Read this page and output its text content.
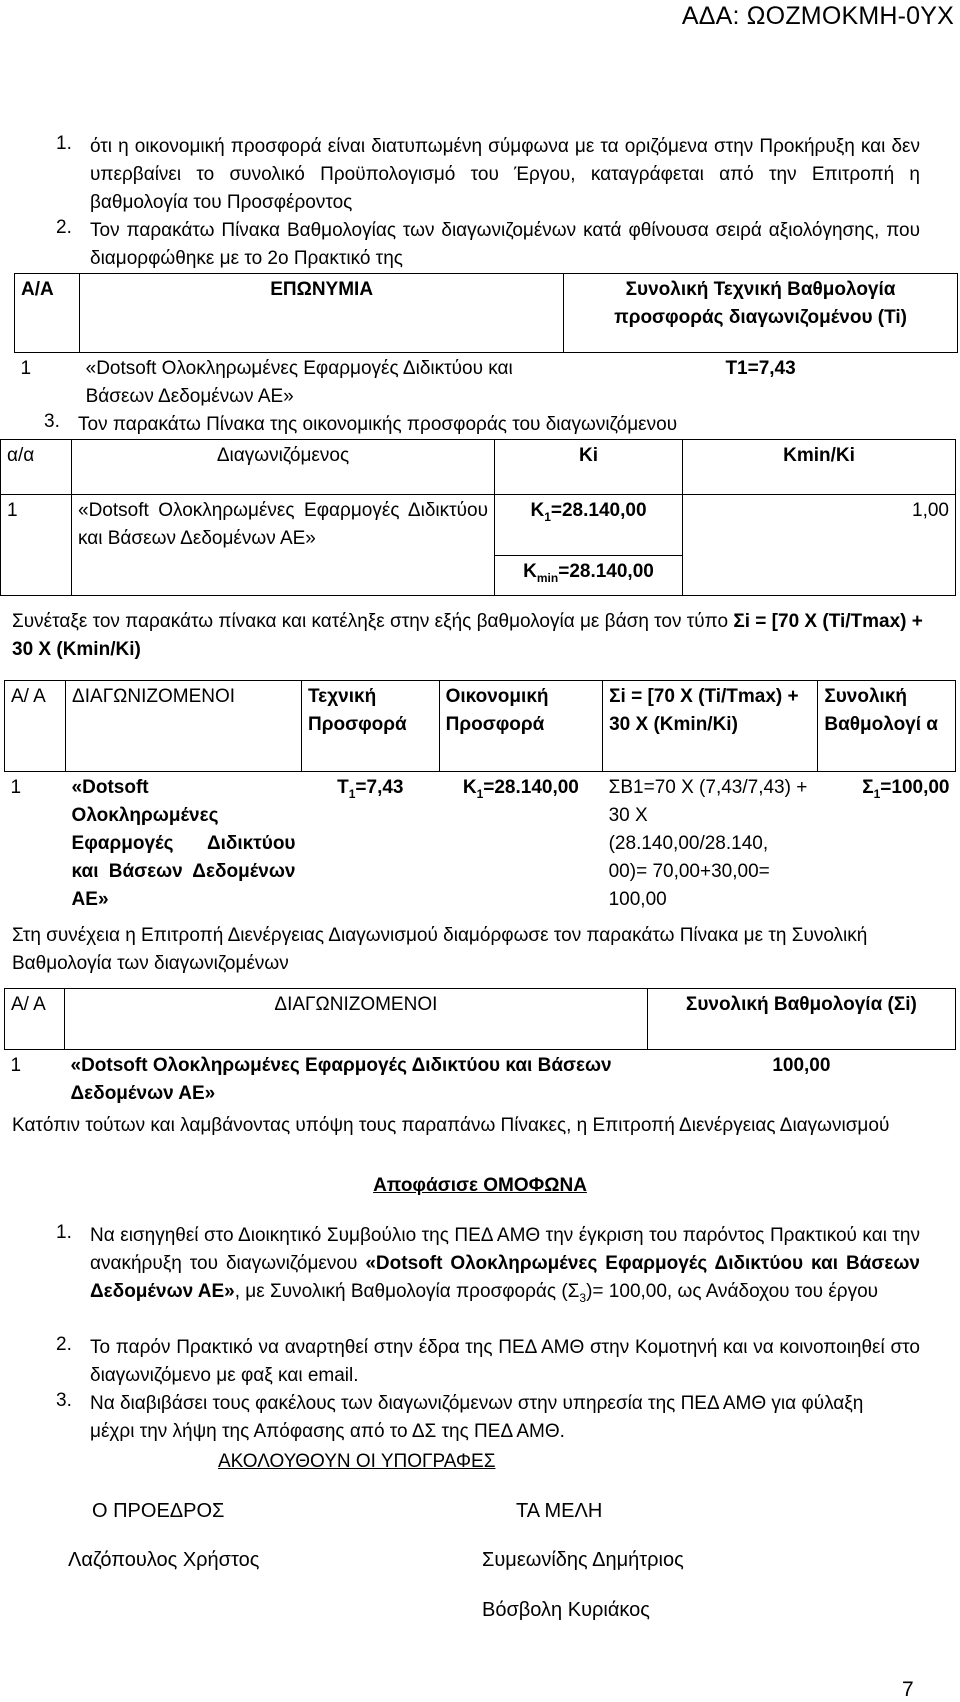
ΑΔΑ: ΩΟΖΜΟΚΜΗ-0ΥΧ
1. ότι η οικονομική προσφορά είναι διατυπωμένη σύμφωνα με τα οριζόμενα στην Προκήρυξη και δεν υπερβαίνει το συνολικό Προϋπολογισμό του Έργου, καταγράφεται από την Επιτροπή η βαθμολογία του Προσφέροντος
2. Τον παρακάτω Πίνακα Βαθμολογίας των διαγωνιζομένων κατά φθίνουσα σειρά αξιολόγησης, που διαμορφώθηκε με το 2ο Πρακτικό της
Α/Α	ΕΠΩΝΥΜΙΑ	Συνολική Τεχνική Βαθμολογία προσφοράς διαγωνιζομένου (Ti)
1	«Dotsoft Ολοκληρωμένες Εφαρμογές Διδικτύου και Βάσεων Δεδομένων ΑΕ»	T1=7,43
3. Τον παρακάτω Πίνακα της οικονομικής προσφοράς του διαγωνιζόμενου
α/α	Διαγωνιζόμενος	Ki	Kmin/Ki
1	«Dotsoft Ολοκληρωμένες Εφαρμογές Διδικτύου και Βάσεων Δεδομένων ΑΕ»	$K_1=28.140,00$	1,00
		$K_{min}=28.140,00$	
Συνέταξε τον παρακάτω πίνακα και κατέληξε στην εξής βαθμολογία με βάση τον τύπο Σi = [70 Χ (Ti/Tmax) + 30 Χ (Kmin/Ki)
Α/ Α	ΔΙΑΓΩΝΙΖΟΜΕΝΟΙ	Τεχνική Προσφορά	Οικονομική Προσφορά	Σi = [70 Χ (Ti/Tmax) + 30 Χ (Kmin/Ki)	Συνολική Βαθμολογί α
1	«Dotsoft Ολοκληρωμένες Εφαρμογές Διδικτύου και Βάσεων Δεδομένων ΑΕ»	$T_1=7,43$	$K_1=28.140,00$	ΣΒ1=70 Χ (7,43/7,43) + 30 Χ (28.140,00/28.140, 00)= 70,00+30,00= 100,00	$\Sigma_1=100,00$
Στη συνέχεια η Επιτροπή Διενέργειας Διαγωνισμού διαμόρφωσε τον παρακάτω Πίνακα με τη Συνολική Βαθμολογία των διαγωνιζομένων
Α/ Α	ΔΙΑΓΩΝΙΖΟΜΕΝΟΙ	Συνολική Βαθμολογία (Σi)
1	«Dotsoft Ολοκληρωμένες Εφαρμογές Διδικτύου και Βάσεων Δεδομένων ΑΕ»	100,00
Κατόπιν τούτων και λαμβάνοντας υπόψη τους παραπάνω Πίνακες, η Επιτροπή Διενέργειας Διαγωνισμού
Αποφάσισε ΟΜΟΦΩΝΑ
1. Να εισηγηθεί στο Διοικητικό Συμβούλιο της ΠΕΔ ΑΜΘ την έγκριση του παρόντος Πρακτικού και την ανακήρυξη του διαγωνιζόμενου «Dotsoft Ολοκληρωμένες Εφαρμογές Διδικτύου και Βάσεων Δεδομένων ΑΕ», με Συνολική Βαθμολογία προσφοράς $(\Sigma_3)= 100,00$, ως Ανάδοχου του έργου
2. Το παρόν Πρακτικό να αναρτηθεί στην έδρα της ΠΕΔ ΑΜΘ στην Κομοτηνή και να κοινοποιηθεί στο διαγωνιζόμενο με φαξ και email.
3. Να διαβιβάσει τους φακέλους των διαγωνιζόμενων στην υπηρεσία της ΠΕΔ ΑΜΘ για φύλαξη μέχρι την λήψη της Απόφασης από το ΔΣ της ΠΕΔ ΑΜΘ.
ΑΚΟΛΟΥΘΟΥΝ ΟΙ ΥΠΟΓΡΑΦΕΣ
Ο ΠΡΟΕΔΡΟΣ	ΤΑ ΜΕΛΗ
Λαζόπουλος Χρήστος	Συμεωνίδης Δημήτριος
Βόσβολη Κυριάκος
7
